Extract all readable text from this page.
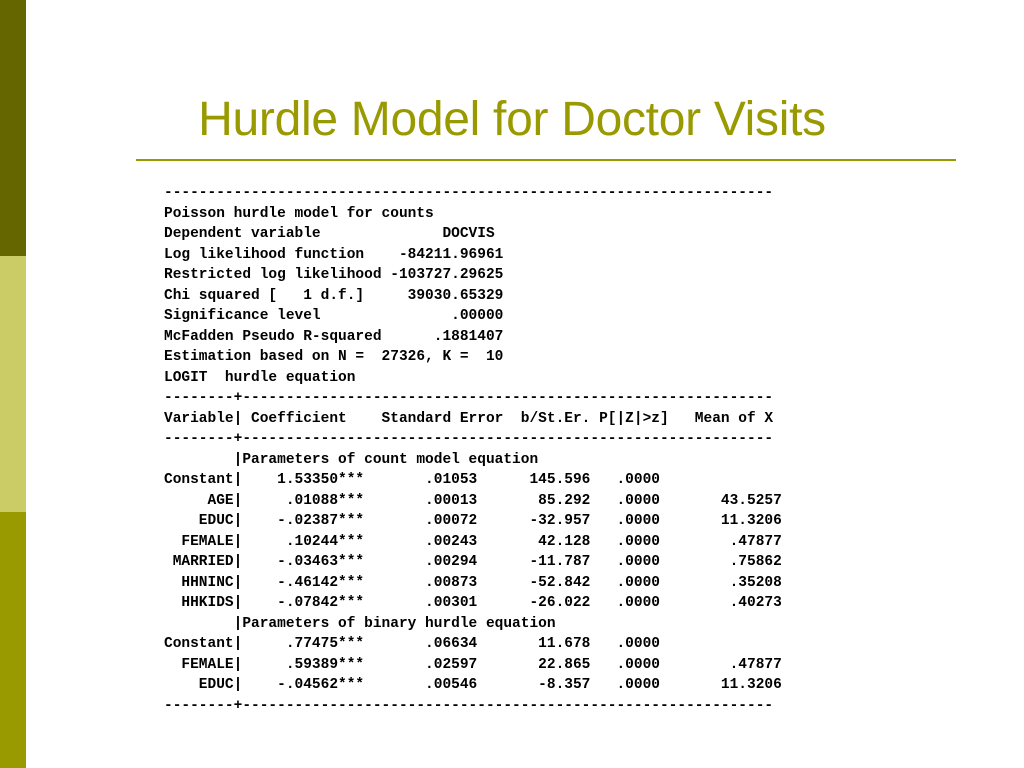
Hurdle Model for Doctor Visits
----------------------------------------------------------------------
Poisson hurdle model for counts
Dependent variable              DOCVIS
Log likelihood function    -84211.96961
Restricted log likelihood -103727.29625
Chi squared [   1 d.f.]     39030.65329
Significance level               .00000
McFadden Pseudo R-squared      .1881407
Estimation based on N =  27326, K =  10
LOGIT  hurdle equation
--------+-------------------------------------------------------------
Variable| Coefficient    Standard Error  b/St.Er. P[|Z|>z]   Mean of X
--------+-------------------------------------------------------------
|Parameters of count model equation
Constant|    1.53350***       .01053      145.596   .0000
AGE|     .01088***       .00013       85.292   .0000       43.5257
EDUC|    -.02387***       .00072      -32.957   .0000       11.3206
FEMALE|     .10244***       .00243       42.128   .0000        .47877
MARRIED|    -.03463***       .00294      -11.787   .0000        .75862
HHNINC|    -.46142***       .00873      -52.842   .0000        .35208
HHKIDS|    -.07842***       .00301      -26.022   .0000        .40273
|Parameters of binary hurdle equation
Constant|     .77475***       .06634       11.678   .0000
FEMALE|     .59389***       .02597       22.865   .0000        .47877
EDUC|    -.04562***       .00546       -8.357   .0000       11.3206
--------+-------------------------------------------------------------
